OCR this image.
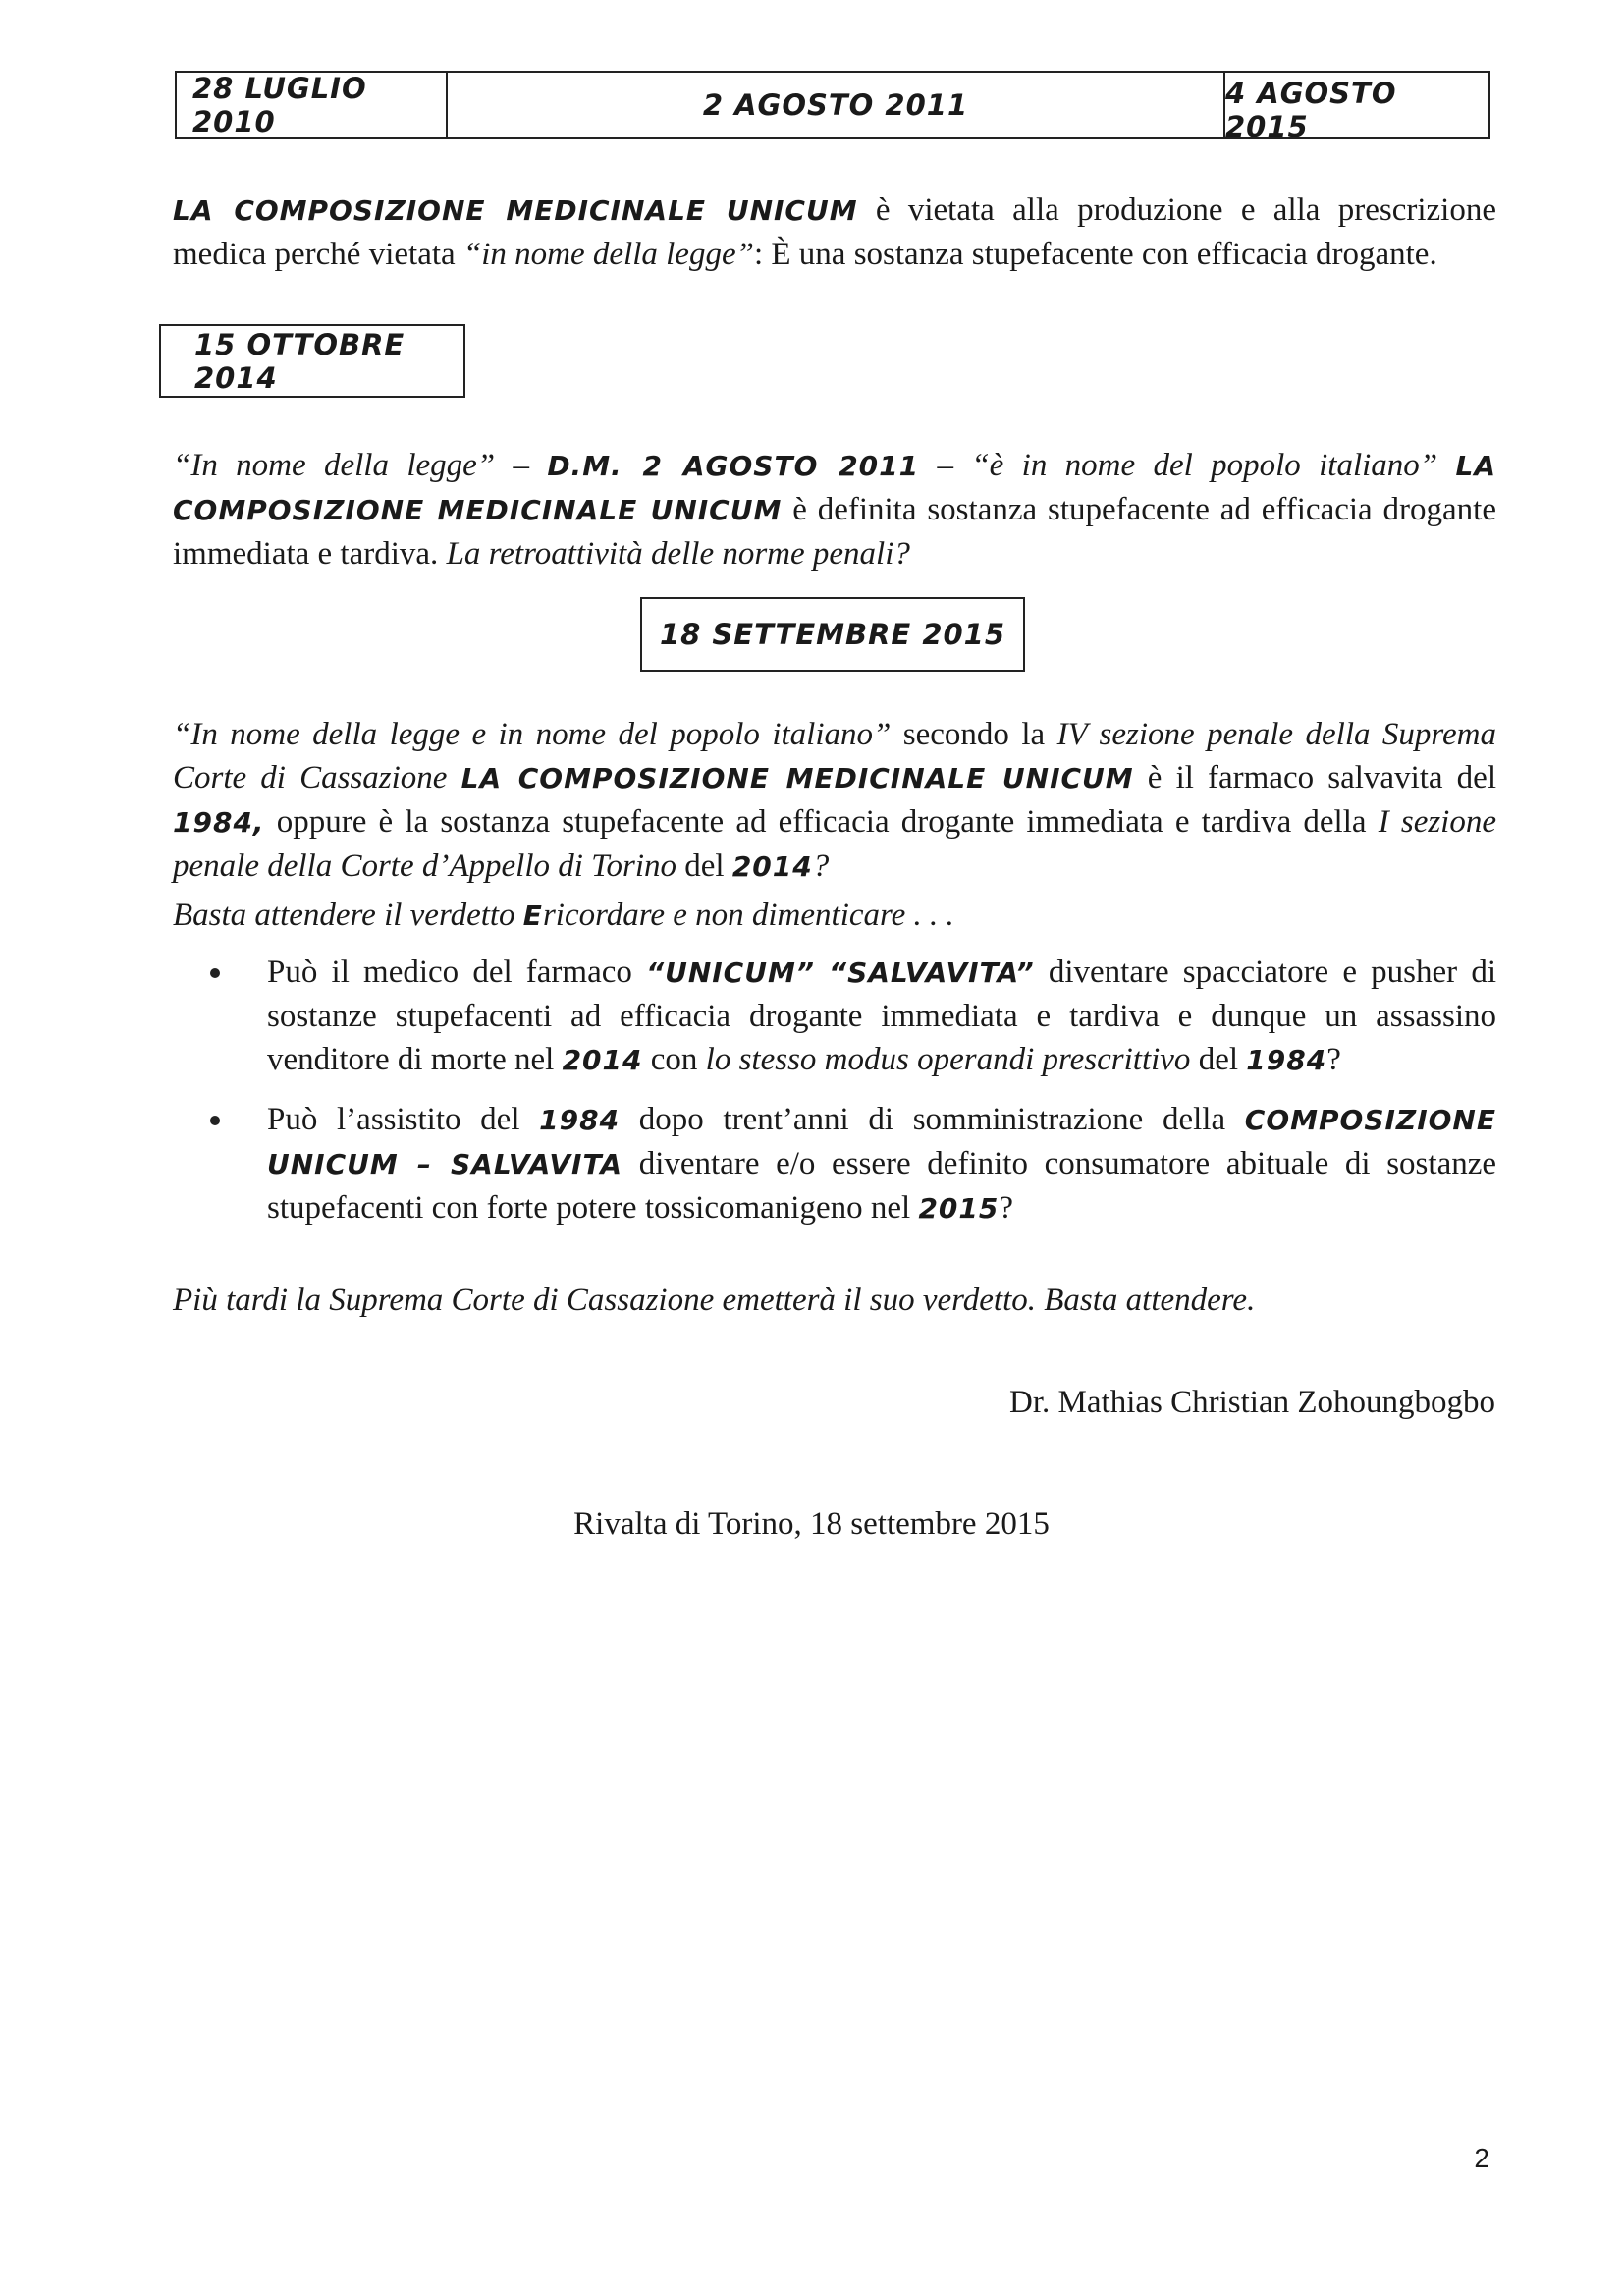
28 LUGLIO 2010	2 AGOSTO 2011	4 AGOSTO 2015
LA COMPOSIZIONE MEDICINALE UNICUM è vietata alla produzione e alla prescrizione medica perché vietata “in nome della legge”: È una sostanza stupefacente con efficacia drogante.
15 OTTOBRE 2014
“In nome della legge” – D.M. 2 AGOSTO 2011 – “è in nome del popolo italiano” LA COMPOSIZIONE MEDICINALE UNICUM è definita sostanza stupefacente ad efficacia drogante immediata e tardiva. La retroattività delle norme penali?
18 SETTEMBRE 2015
“In nome della legge e in nome del popolo italiano” secondo la IV sezione penale della Suprema Corte di Cassazione LA COMPOSIZIONE MEDICINALE UNICUM è il farmaco salvavita del 1984, oppure è la sostanza stupefacente ad efficacia drogante immediata e tardiva della I sezione penale della Corte d’Appello di Torino del 2014?
Basta attendere il verdetto Ericordare e non dimenticare . . .
Può il medico del farmaco “UNICUM” “SALVAVITA” diventare spacciatore e pusher di sostanze stupefacenti ad efficacia drogante immediata e tardiva e dunque un assassino venditore di morte nel 2014 con lo stesso modus operandi prescrittivo del 1984?
Può l’assistito del 1984 dopo trent’anni di somministrazione della COMPOSIZIONE UNICUM – SALVAVITA diventare e/o essere definito consumatore abituale di sostanze stupefacenti con forte potere tossicomanigeno nel 2015?
Più tardi la Suprema Corte di Cassazione emetterà il suo verdetto. Basta attendere.
Dr. Mathias Christian Zohoungbogbo
Rivalta di Torino, 18 settembre 2015
2
